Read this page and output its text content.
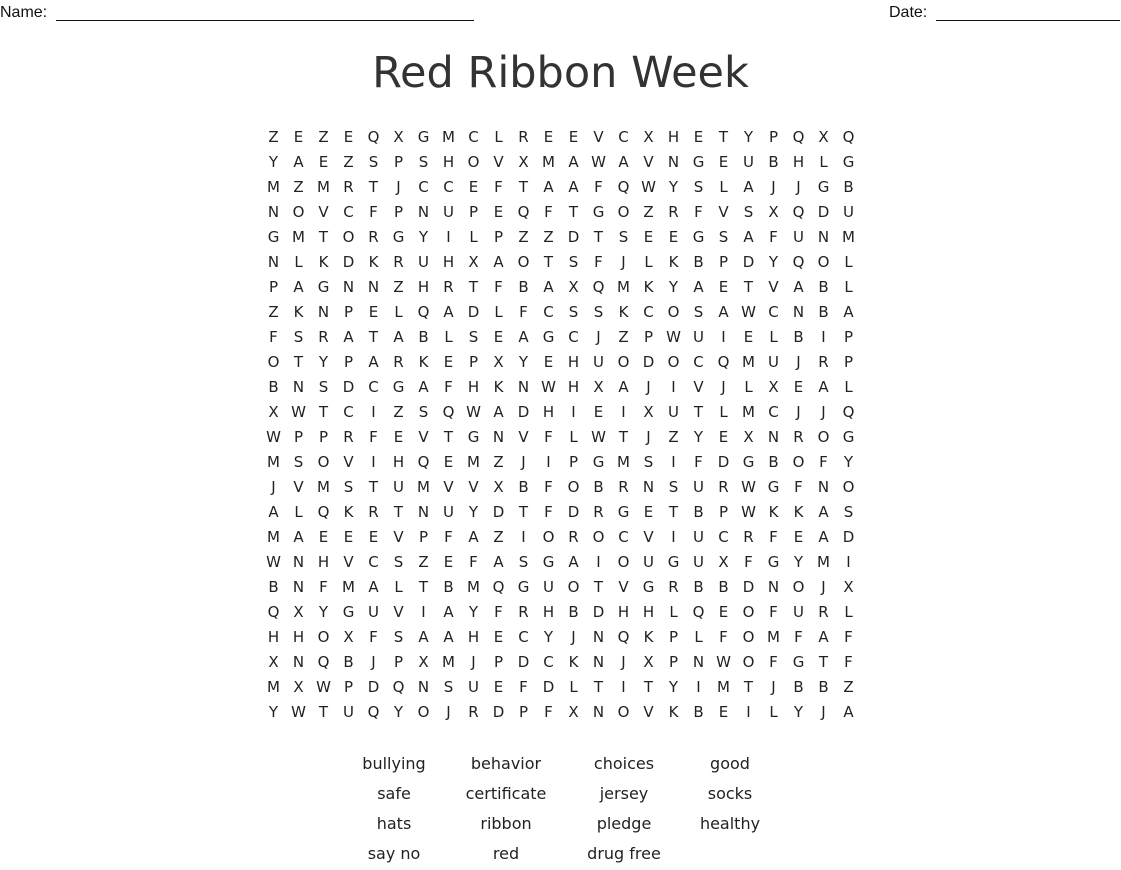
Name:	Date:
Red Ribbon Week
Z	E	Z	E Q X G M C	L	R	E	E	V C X H E	T	Y	P Q X Q
Y	A	E	Z	S	P	S H O V X M A W A V N G E U B H	L	G
M Z M R	T	J	C C	E	F	T	A A	F Q W Y	S	L	A	J	J	G B
N O V C	F	P N U P	E Q F	T G O Z R	F	V	S	X Q D U
G M T O R G Y	I	L	P	Z Z D T	S	E	E G S	A	F	U N M
N	L	K D K R U H X A O T	S	F	J	L	K B	P D Y Q O L
P	A G N N Z H R	T	F	B A X Q M K	Y	A	E	T	V A B	L
Z K N P	E	L Q A D	L	F	C	S	S	K C O S	A W C N B A
F	S	R A	T	A B	L	S	E	A G C	J	Z	P W U	I	E	L	B	I	P
O T	Y	P	A R K	E	P	X	Y	E H U O D O C Q M U	J	R	P
B N S D C G A	F	H K N W H X A	J	I	V	J	L	X	E	A	L
X W T	C	I	Z	S Q W A D H	I	E	I	X U T	L M C	J	J	Q
W P	P	R	F	E	V	T G N V	F	L W T	J	Z	Y	E	X N R O G
M S O V	I	H Q E M Z	J	I	P G M S	I	F D G B O F	Y
J	V M S	T U M V V X B	F O B R N S U R W G F	N O
A	L Q K R	T N U Y D T	F D R G E	T	B	P W K	K A	S
M A	E	E	E	V	P	F	A Z	I	O R O C V	I	U C R	F	E	A D
W N H V C	S	Z	E	F	A	S G A	I	O U G U X	F G Y M	I
B N	F M A	L	T	B M Q G U O T	V G R B B D N O	J	X
Q X	Y G U V	I	A	Y	F	R H B D H H	L Q E O F	U R	L
H H O X	F	S	A A H E	C	Y	J	N Q K	P	L	F O M F	A	F
X N Q B	J	P	X M	J	P D C K N	J	X	P N W O F G T	F
M X W P D Q N S U E	F D	L	T	I	T	Y	I	M T	J	B B Z
Y W T U Q Y O	J	R D P	F	X N O V K B	E	I	L	Y	J	A
bullying	behavior	choices	good
safe	certificate	jersey	socks
hats	ribbon	pledge	healthy
say no	red	drug free
